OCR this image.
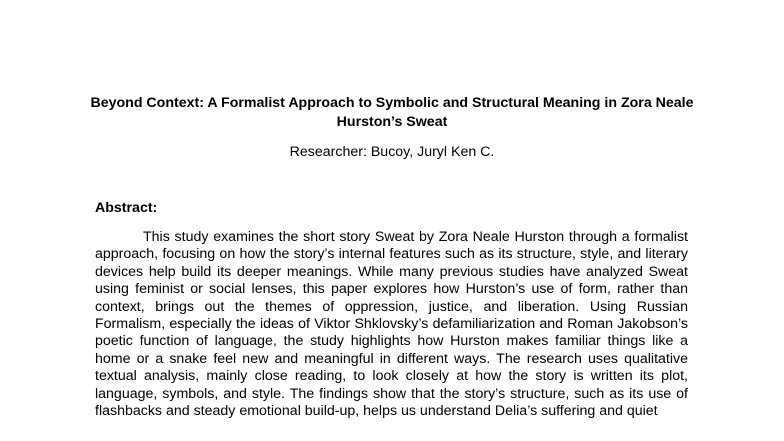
Beyond Context: A Formalist Approach to Symbolic and Structural Meaning in Zora Neale Hurston’s Sweat

Researcher: Bucoy, Juryl Ken C.

Abstract:

This study examines the short story Sweat by Zora Neale Hurston through a formalist approach, focusing on how the story’s internal features such as its structure, style, and literary devices help build its deeper meanings. While many previous studies have analyzed Sweat using feminist or social lenses, this paper explores how Hurston’s use of form, rather than context, brings out the themes of oppression, justice, and liberation. Using Russian Formalism, especially the ideas of Viktor Shklovsky’s defamiliarization and Roman Jakobson’s poetic function of language, the study highlights how Hurston makes familiar things like a home or a snake feel new and meaningful in different ways. The research uses qualitative textual analysis, mainly close reading, to look closely at how the story is written its plot, language, symbols, and style. The findings show that the story’s structure, such as its use of flashbacks and steady emotional build-up, helps us understand Delia’s suffering and quiet
